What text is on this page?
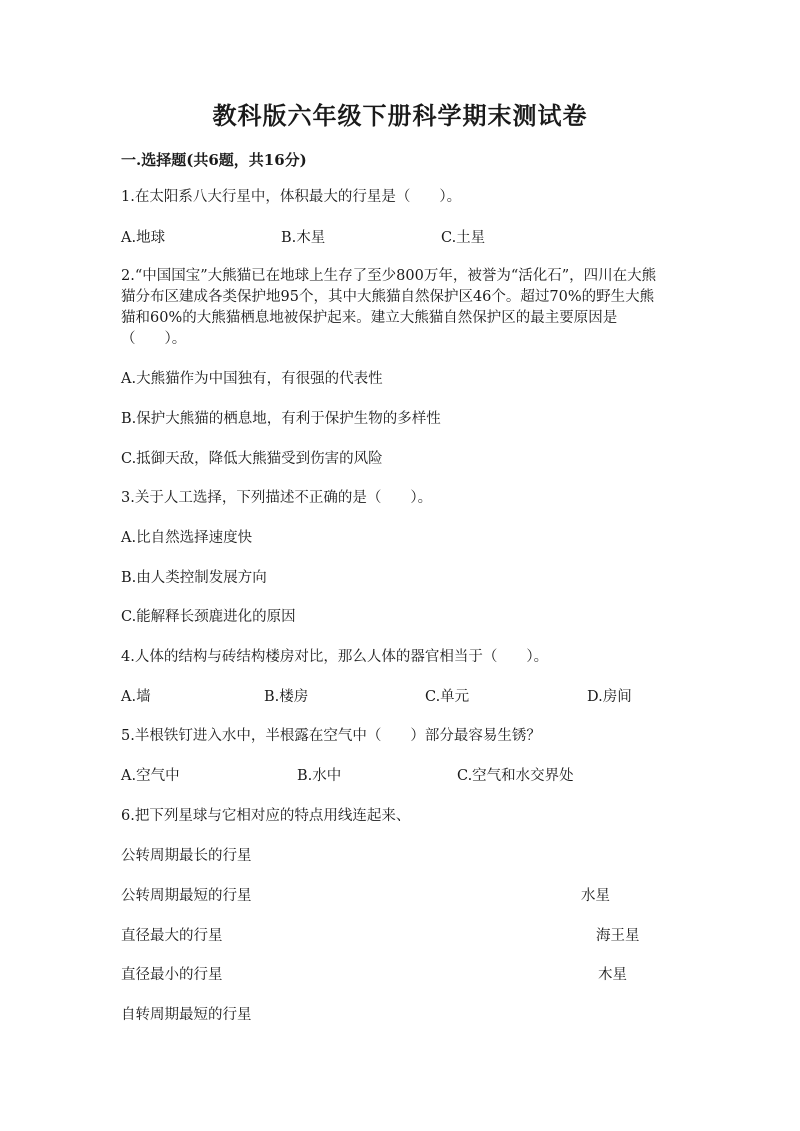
教科版六年级下册科学期末测试卷
一.选择题(共6题，共16分)

1.在太阳系八大行星中，体积最大的行星是（　　）。

A.地球	B.木星	C.土星

2.“中国国宝”大熊猫已在地球上生存了至少800万年，被誉为“活化石”，四川在大熊猫分布区建成各类保护地95个，其中大熊猫自然保护区46个。超过70%的野生大熊猫和60%的大熊猫栖息地被保护起来。建立大熊猫自然保护区的最主要原因是（　　）。

A.大熊猫作为中国独有，有很强的代表性

B.保护大熊猫的栖息地，有利于保护生物的多样性

C.抵御天敌，降低大熊猫受到伤害的风险

3.关于人工选择，下列描述不正确的是（　　）。

A.比自然选择速度快

B.由人类控制发展方向

C.能解释长颈鹿进化的原因

4.人体的结构与砖结构楼房对比，那么人体的器官相当于（　　）。

A.墙	B.楼房	C.单元	D.房间

5.半根铁钉进入水中，半根露在空气中（　　）部分最容易生锈？

A.空气中	B.水中	C.空气和水交界处

6.把下列星球与它相对应的特点用线连起来、

公转周期最长的行星

公转周期最短的行星

直径最大的行星

直径最小的行星

自转周期最短的行星

水星
海王星
木星
